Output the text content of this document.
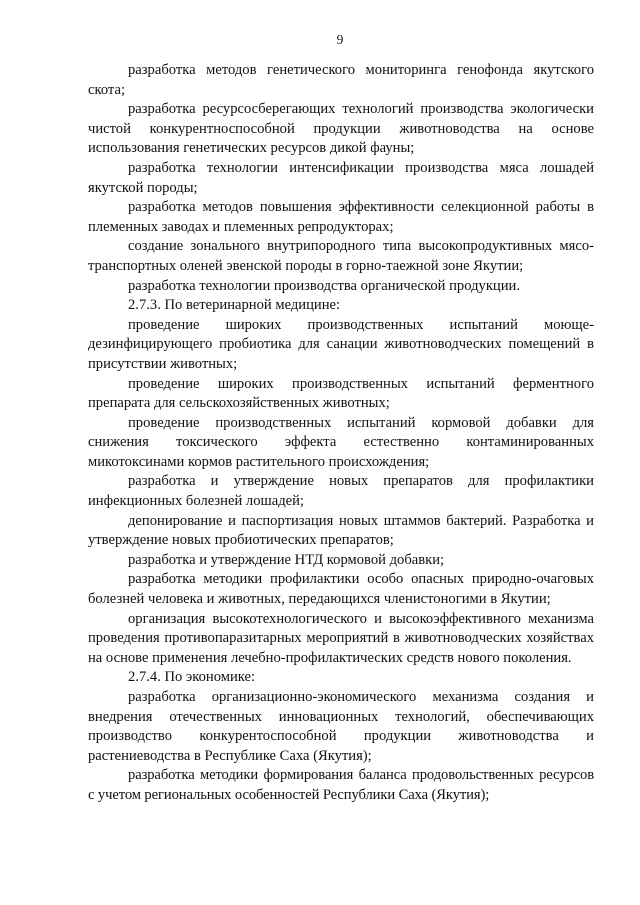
9

разработка методов генетического мониторинга генофонда якутского скота;

разработка ресурсосберегающих технологий производства экологически чистой конкурентноспособной продукции животноводства на основе использования генетических ресурсов дикой фауны;

разработка технологии интенсификации производства мяса лошадей якутской породы;

разработка методов повышения эффективности селекционной работы в племенных заводах и племенных репродукторах;

создание зонального внутрипородного типа высокопродуктивных мясо-транспортных оленей эвенской породы в горно-таежной зоне Якутии;

разработка технологии производства органической продукции.

2.7.3. По ветеринарной медицине:

проведение широких производственных испытаний моюще-дезинфицирующего пробиотика для санации животноводческих помещений в присутствии животных;

проведение широких производственных испытаний ферментного препарата для сельскохозяйственных животных;

проведение производственных испытаний кормовой добавки для снижения токсического эффекта естественно контаминированных микотоксинами кормов растительного происхождения;

разработка и утверждение новых препаратов для профилактики инфекционных болезней лошадей;

депонирование и паспортизация новых штаммов бактерий. Разработка и утверждение новых пробиотических препаратов;

разработка и утверждение НТД кормовой добавки;

разработка методики профилактики особо опасных природно-очаговых болезней человека и животных, передающихся членистоногими в Якутии;

организация высокотехнологического и высокоэффективного механизма проведения противопаразитарных мероприятий в животноводческих хозяйствах на основе применения лечебно-профилактических средств нового поколения.

2.7.4. По экономике:

разработка организационно-экономического механизма создания и внедрения отечественных инновационных технологий, обеспечивающих производство конкурентоспособной продукции животноводства и растениеводства в Республике Саха (Якутия);

разработка методики формирования баланса продовольственных ресурсов с учетом региональных особенностей Республики Саха (Якутия);
